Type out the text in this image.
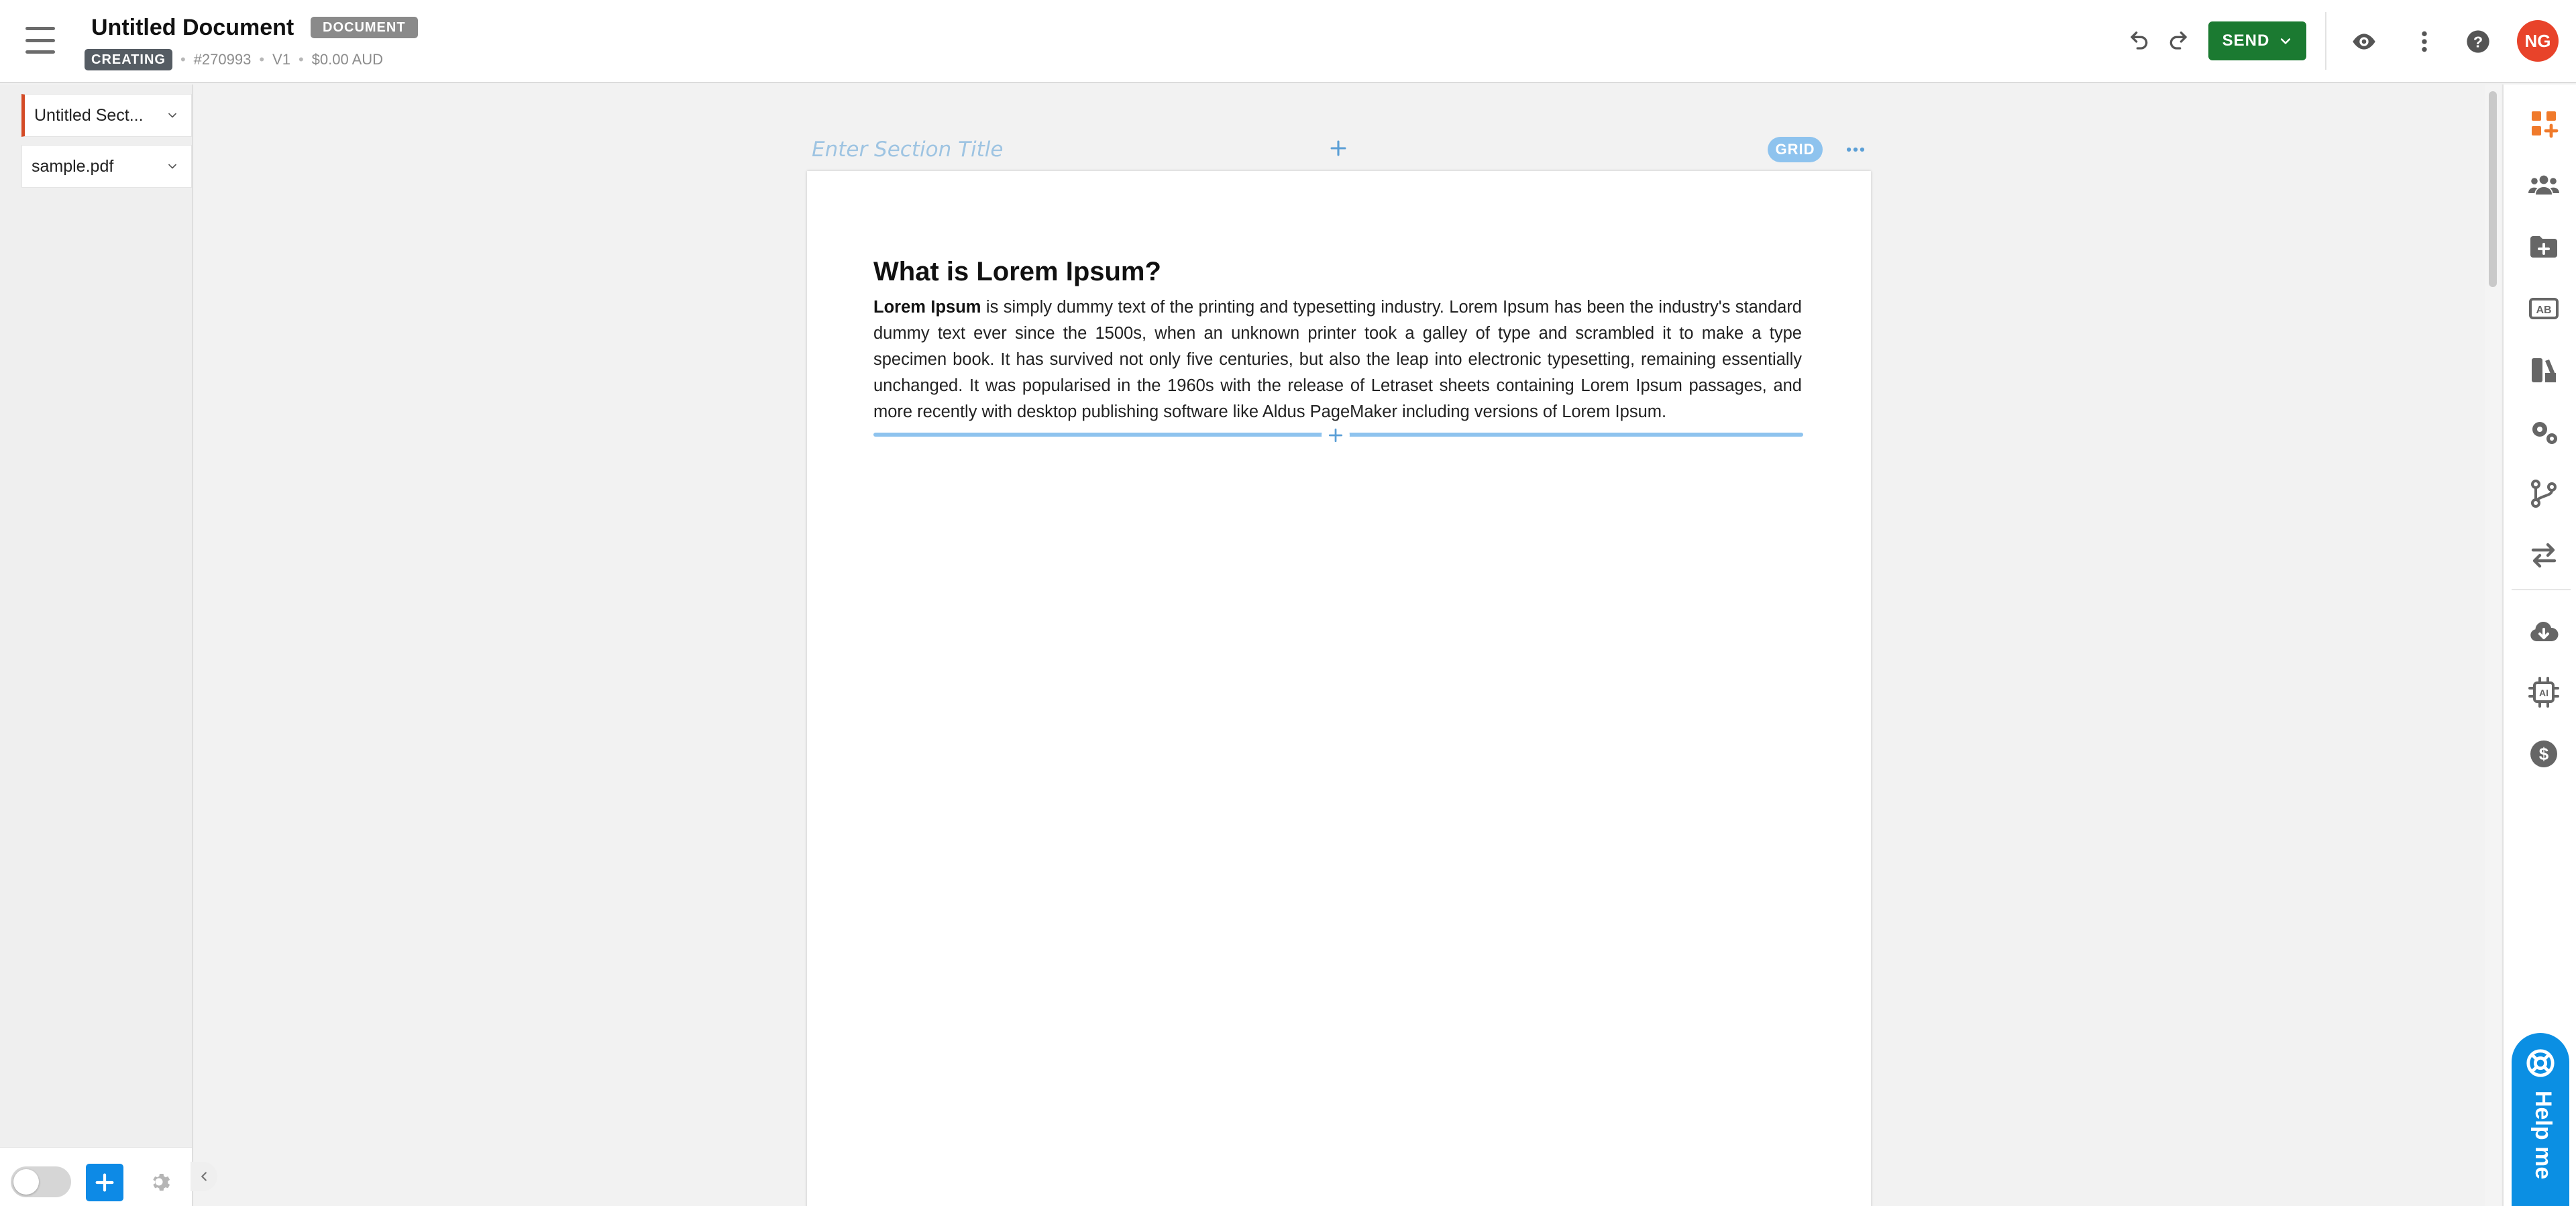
Untitled Document	DOCUMENT
CREATING	• #270993 • V1 • $0.00 AUD
SEND	?	NG
Untitled Sect...
sample.pdf
Enter Section Title
GRID
What is Lorem Ipsum?
Lorem Ipsum is simply dummy text of the printing and typesetting industry. Lorem Ipsum has been the industry's standard dummy text ever since the 1500s, when an unknown printer took a galley of type and scrambled it to make a type specimen book. It has survived not only five centuries, but also the leap into electronic typesetting, remaining essentially unchanged. It was popularised in the 1960s with the release of Letraset sheets containing Lorem Ipsum passages, and more recently with desktop publishing software like Aldus PageMaker including versions of Lorem Ipsum.
AB
AI
$
Help me
